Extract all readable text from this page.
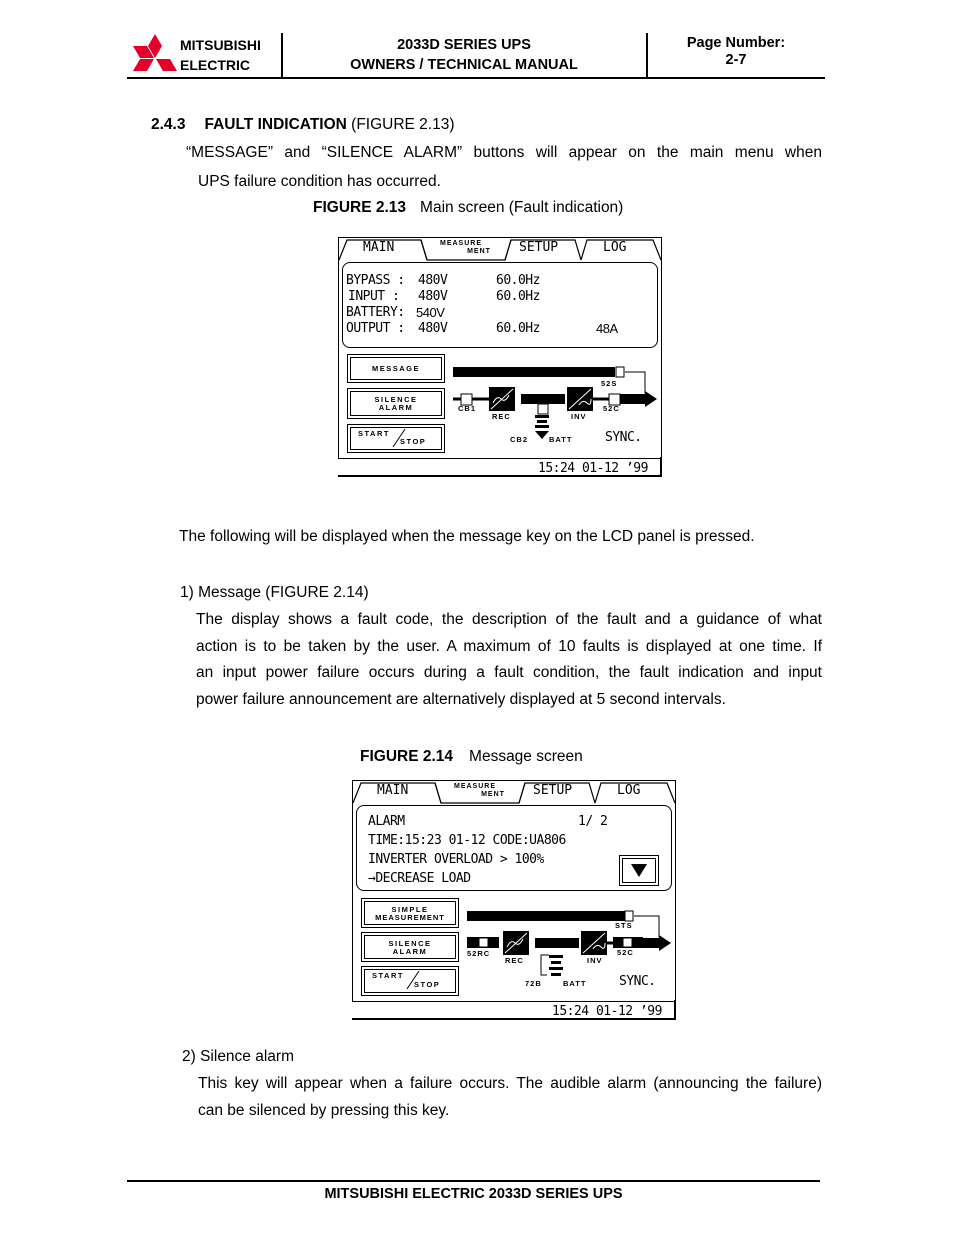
MITSUBISHI
ELECTRIC
2033D SERIES UPS
OWNERS / TECHNICAL MANUAL
Page Number:
2-7
2.4.3 FAULT INDICATION (FIGURE 2.13)
“MESSAGE” and “SILENCE ALARM” buttons will appear on the main menu when
UPS failure condition has occurred.
FIGURE 2.13 Main screen (Fault indication)
MAIN	MEASURE
MENT	SETUP	LOG
BYPASS : 480V	60.0Hz
INPUT : 480V	60.0Hz
BATTERY: 540V
OUTPUT : 480V	60.0Hz	48A
MESSAGE
SILENCE
ALARM
START
STOP
52S
CB1
REC	INV
52C
CB2	BATT	SYNC.
15:24 01-12 ’99
The following will be displayed when the message key on the LCD panel is pressed.
1) Message (FIGURE 2.14)
The display shows a fault code, the description of the fault and a guidance of what
action is to be taken by the user. A maximum of 10 faults is displayed at one time. If
an input power failure occurs during a fault condition, the fault indication and input
power failure announcement are alternatively displayed at 5 second intervals.
FIGURE 2.14 Message screen
MAIN	MEASURE
MENT	SETUP	LOG
ALARM	1/ 2
TIME:15:23 01-12 CODE:UA806
INVERTER OVERLOAD > 100%
→DECREASE LOAD
SIMPLE
MEASUREMENT
SILENCE
ALARM
START
STOP
STS
52RC
REC	INV
52C
72B	BATT	SYNC.
15:24 01-12 ’99
2) Silence alarm
This key will appear when a failure occurs. The audible alarm (announcing the failure)
can be silenced by pressing this key.
MITSUBISHI ELECTRIC 2033D SERIES UPS
